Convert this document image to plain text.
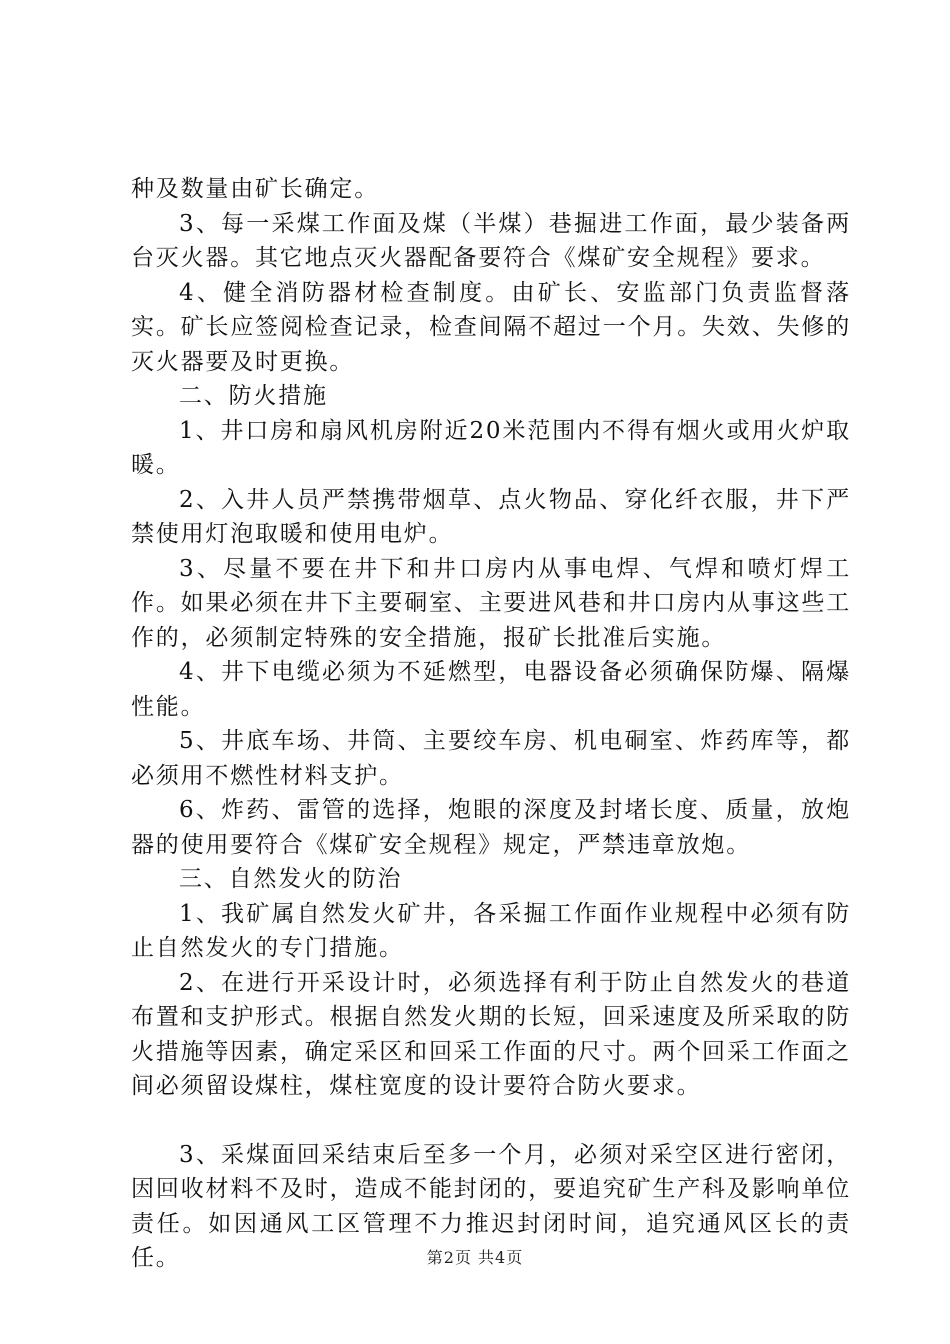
种及数量由矿长确定。

3、每一采煤工作面及煤（半煤）巷掘进工作面，最少装备两台灭火器。其它地点灭火器配备要符合《煤矿安全规程》要求。

4、健全消防器材检查制度。由矿长、安监部门负责监督落实。矿长应签阅检查记录，检查间隔不超过一个月。失效、失修的灭火器要及时更换。

二、防火措施

1、井口房和扇风机房附近20米范围内不得有烟火或用火炉取暖。

2、入井人员严禁携带烟草、点火物品、穿化纤衣服，井下严禁使用灯泡取暖和使用电炉。

3、尽量不要在井下和井口房内从事电焊、气焊和喷灯焊工作。如果必须在井下主要硐室、主要进风巷和井口房内从事这些工作的，必须制定特殊的安全措施，报矿长批准后实施。

4、井下电缆必须为不延燃型，电器设备必须确保防爆、隔爆性能。

5、井底车场、井筒、主要绞车房、机电硐室、炸药库等，都必须用不燃性材料支护。

6、炸药、雷管的选择，炮眼的深度及封堵长度、质量，放炮器的使用要符合《煤矿安全规程》规定，严禁违章放炮。

三、自然发火的防治

1、我矿属自然发火矿井，各采掘工作面作业规程中必须有防止自然发火的专门措施。

2、在进行开采设计时，必须选择有利于防止自然发火的巷道布置和支护形式。根据自然发火期的长短，回采速度及所采取的防火措施等因素，确定采区和回采工作面的尺寸。两个回采工作面之间必须留设煤柱，煤柱宽度的设计要符合防火要求。

3、采煤面回采结束后至多一个月，必须对采空区进行密闭，因回收材料不及时，造成不能封闭的，要追究矿生产科及影响单位责任。如因通风工区管理不力推迟封闭时间，追究通风区长的责任。	第2页 共4页
